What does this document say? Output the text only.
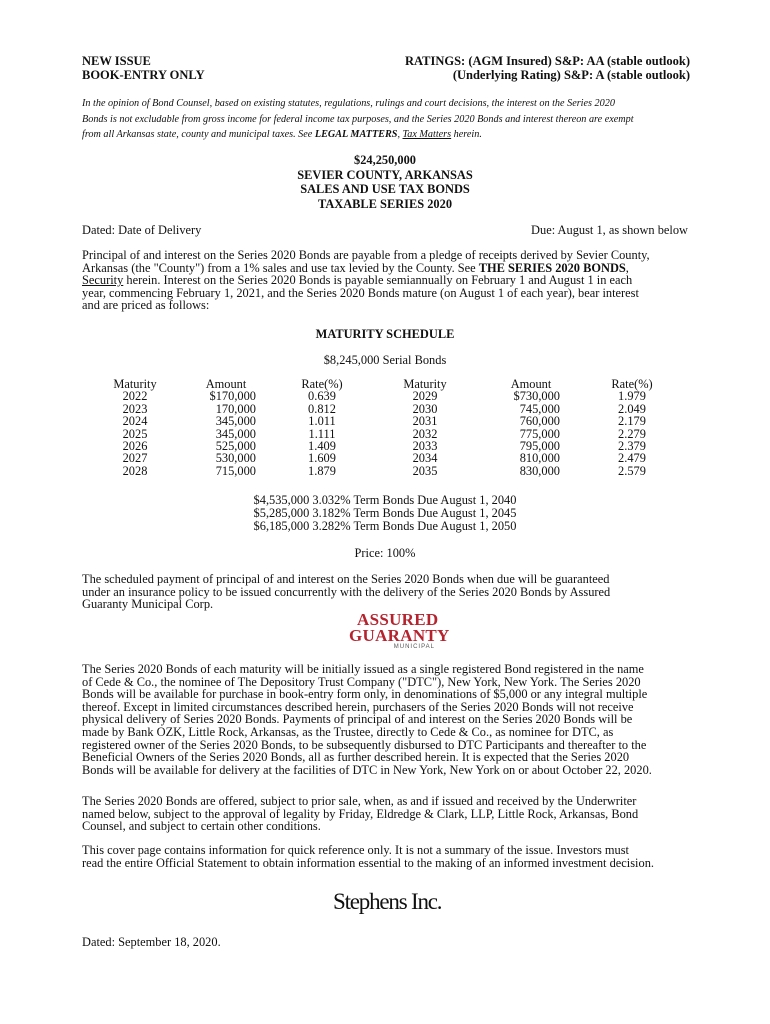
NEW ISSUE
BOOK-ENTRY ONLY
RATINGS: (AGM Insured) S&P: AA (stable outlook)
(Underlying Rating) S&P: A (stable outlook)
In the opinion of Bond Counsel, based on existing statutes, regulations, rulings and court decisions, the interest on the Series 2020
Bonds is not excludable from gross income for federal income tax purposes, and the Series 2020 Bonds and interest thereon are exempt
from all Arkansas state, county and municipal taxes. See LEGAL MATTERS, Tax Matters herein.
$24,250,000
SEVIER COUNTY, ARKANSAS
SALES AND USE TAX BONDS
TAXABLE SERIES 2020
Dated: Date of Delivery	Due: August 1, as shown below
Principal of and interest on the Series 2020 Bonds are payable from a pledge of receipts derived by Sevier County,
Arkansas (the "County") from a 1% sales and use tax levied by the County. See THE SERIES 2020 BONDS,
Security herein. Interest on the Series 2020 Bonds is payable semiannually on February 1 and August 1 in each
year, commencing February 1, 2021, and the Series 2020 Bonds mature (on August 1 of each year), bear interest
and are priced as follows:
MATURITY SCHEDULE
$8,245,000 Serial Bonds
Maturity	Amount	Rate(%)	Maturity	Amount	Rate(%)
2022	$170,000	0.639	2029	$730,000	1.979
2023	170,000	0.812	2030	745,000	2.049
2024	345,000	1.011	2031	760,000	2.179
2025	345,000	1.111	2032	775,000	2.279
2026	525,000	1.409	2033	795,000	2.379
2027	530,000	1.609	2034	810,000	2.479
2028	715,000	1.879	2035	830,000	2.579
$4,535,000 3.032% Term Bonds Due August 1, 2040
$5,285,000 3.182% Term Bonds Due August 1, 2045
$6,185,000 3.282% Term Bonds Due August 1, 2050
Price: 100%
The scheduled payment of principal of and interest on the Series 2020 Bonds when due will be guaranteed
under an insurance policy to be issued concurrently with the delivery of the Series 2020 Bonds by Assured
Guaranty Municipal Corp.
ASSURED
GUARANTY
MUNICIPAL
The Series 2020 Bonds of each maturity will be initially issued as a single registered Bond registered in the name
of Cede & Co., the nominee of The Depository Trust Company ("DTC"), New York, New York. The Series 2020
Bonds will be available for purchase in book-entry form only, in denominations of $5,000 or any integral multiple
thereof. Except in limited circumstances described herein, purchasers of the Series 2020 Bonds will not receive
physical delivery of Series 2020 Bonds. Payments of principal of and interest on the Series 2020 Bonds will be
made by Bank OZK, Little Rock, Arkansas, as the Trustee, directly to Cede & Co., as nominee for DTC, as
registered owner of the Series 2020 Bonds, to be subsequently disbursed to DTC Participants and thereafter to the
Beneficial Owners of the Series 2020 Bonds, all as further described herein. It is expected that the Series 2020
Bonds will be available for delivery at the facilities of DTC in New York, New York on or about October 22, 2020.
The Series 2020 Bonds are offered, subject to prior sale, when, as and if issued and received by the Underwriter
named below, subject to the approval of legality by Friday, Eldredge & Clark, LLP, Little Rock, Arkansas, Bond
Counsel, and subject to certain other conditions.
This cover page contains information for quick reference only. It is not a summary of the issue. Investors must
read the entire Official Statement to obtain information essential to the making of an informed investment decision.
Stephens Inc.
Dated: September 18, 2020.
